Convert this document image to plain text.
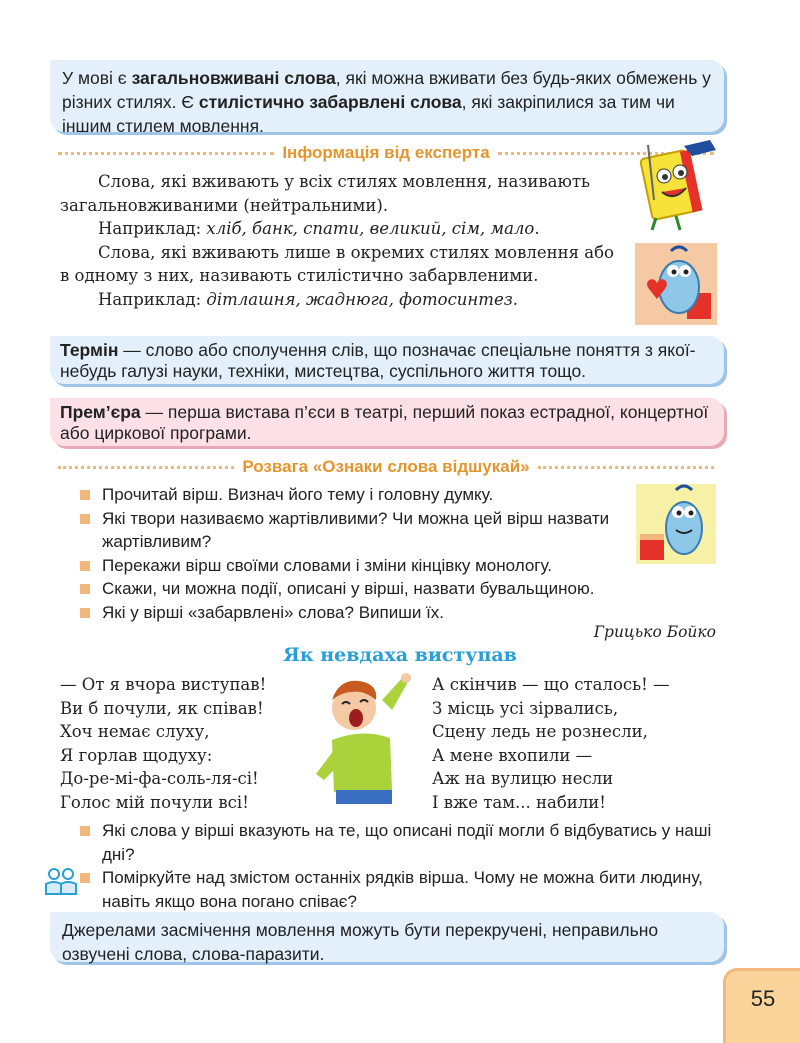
У мові є загальновживані слова, які можна вживати без будь-яких обмежень у різних стилях. Є стилістично забарвлені слова, які закріпилися за тим чи іншим стилем мовлення.
Інформація від експерта

Слова, які вживають у всіх стилях мовлення, називають загальновживаними (нейтральними).

Наприклад: хліб, банк, спати, великий, сім, мало.

Слова, які вживають лише в окремих стилях мовлення або в одному з них, називають стилістично забарвленими.

Наприклад: дітлашня, жаднюга, фотосинтез.

Термін — слово або сполучення слів, що позначає спеціальне поняття з якої-небудь галузі науки, техніки, мистецтва, суспільного життя тощо.
Прем’єра — перша вистава п’єси в театрі, перший показ естрадної, концертної або циркової програми.
Розвага «Ознаки слова відшукай»
Прочитай вірш. Визнач його тему і головну думку.
Які твори називаємо жартівливими? Чи можна цей вірш назвати жартівливим?
Перекажи вірш своїми словами і зміни кінцівку монологу.
Скажи, чи можна події, описані у вірші, назвати бувальщиною.
Які у вірші «забарвлені» слова? Випиши їх.
Грицько Бойко
Як невдаха виступав
— От я вчора виступав!
Ви б почули, як співав!
Хоч немає слуху,
Я горлав щодуху:
До-ре-мі-фа-соль-ля-сі!
Голос мій почули всі!
А скінчив — що сталось! —
З місць усі зірвались,
Сцену ледь не рознесли,
А мене вхопили —
Аж на вулицю несли
І вже там... набили!
Які слова у вірші вказують на те, що описані події могли б відбуватись у наші дні?
Поміркуйте над змістом останніх рядків вірша. Чому не можна бити людину, навіть якщо вона погано співає?
Джерелами засмічення мовлення можуть бути перекручені, неправильно озвучені слова, слова-паразити.
55
